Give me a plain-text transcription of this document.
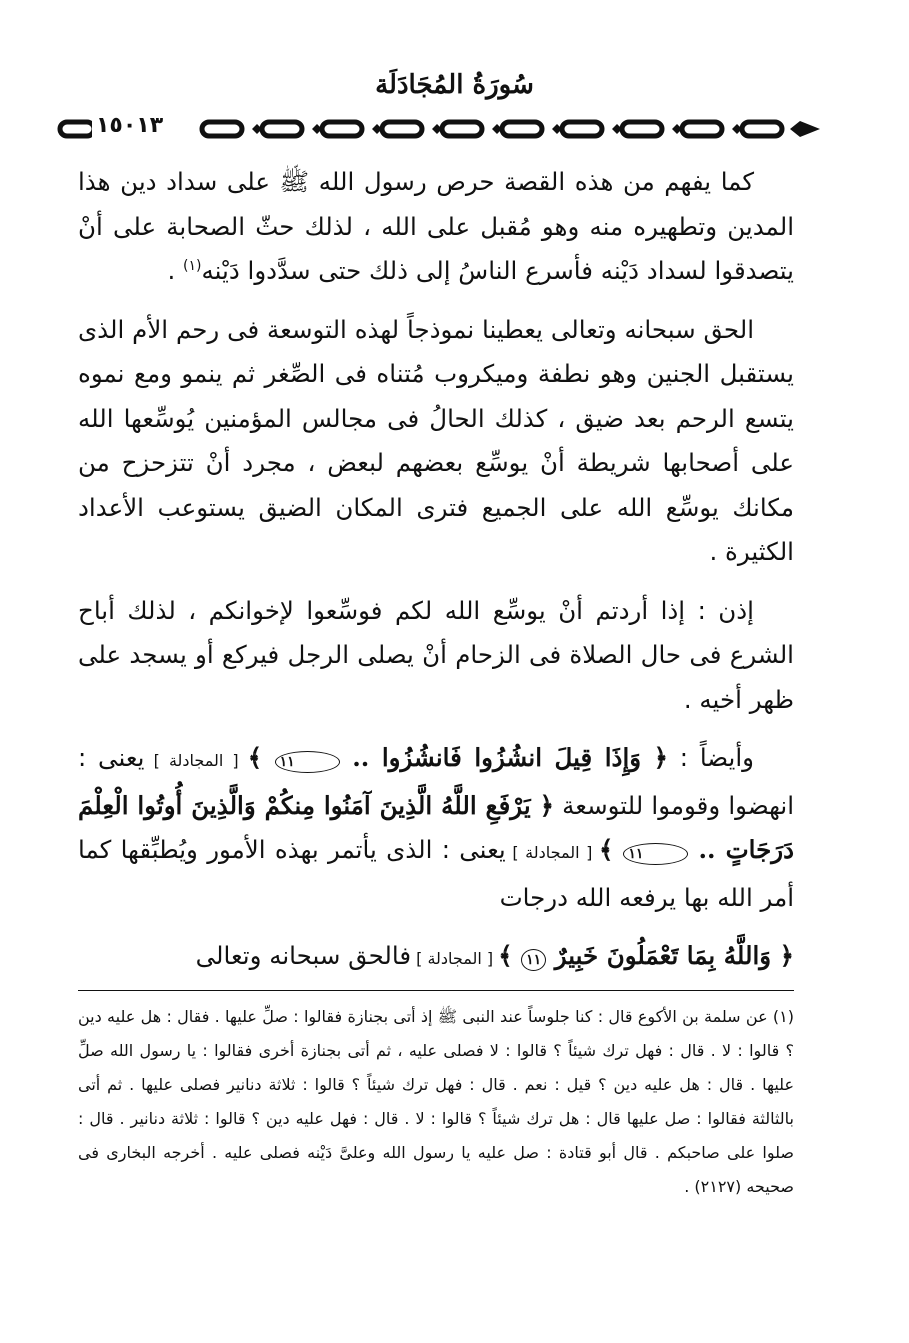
سُورَةُ المُجَادَلَة
١٥٠١٣

كما يفهم من هذه القصة حرص رسول الله ﷺ على سداد دين هذا المدين وتطهيره منه وهو مُقبل على الله ، لذلك حثّ الصحابة على أنْ يتصدقوا لسداد دَيْنه فأسرع الناسُ إلى ذلك حتى سدَّدوا دَيْنه$^{(١)}$ .

الحق سبحانه وتعالى يعطينا نموذجاً لهذه التوسعة فى رحم الأم الذى يستقبل الجنين وهو نطفة وميكروب مُتناه فى الصِّغر ثم ينمو ومع نموه يتسع الرحم بعد ضيق ، كذلك الحالُ فى مجالس المؤمنين يُوسِّعها الله على أصحابها شريطة أنْ يوسِّع بعضهم لبعض ، مجرد أنْ تتزحزح من مكانك يوسِّع الله على الجميع فترى المكان الضيق يستوعب الأعداد الكثيرة .

إذن : إذا أردتم أنْ يوسِّع الله لكم فوسِّعوا لإخوانكم ، لذلك أباح الشرع فى حال الصلاة فى الزحام أنْ يصلى الرجل فيركع أو يسجد على ظهر أخيه .

وأيضاً : ﴿ وَإِذَا قِيلَ انشُزُوا فَانشُزُوا .. ١١ ﴾ [ المجادلة ] يعنى : انهضوا وقوموا للتوسعة ﴿ يَرْفَعِ اللَّهُ الَّذِينَ آمَنُوا مِنكُمْ وَالَّذِينَ أُوتُوا الْعِلْمَ دَرَجَاتٍ .. ١١ ﴾ [ المجادلة ] يعنى : الذى يأتمر بهذه الأمور ويُطبِّقها كما أمر الله بها يرفعه الله درجات

﴿ وَاللَّهُ بِمَا تَعْمَلُونَ خَبِيرٌ ١١ ﴾ [ المجادلة ] فالحق سبحانه وتعالى

(١) عن سلمة بن الأكوع قال : كنا جلوساً عند النبى ﷺ إذ أتى بجنازة فقالوا : صلِّ عليها . فقال : هل عليه دين ؟ قالوا : لا . قال : فهل ترك شيئاً ؟ قالوا : لا فصلى عليه ، ثم أتى بجنازة أخرى فقالوا : يا رسول الله صلِّ عليها . قال : هل عليه دين ؟ قيل : نعم . قال : فهل ترك شيئاً ؟ قالوا : ثلاثة دنانير فصلى عليها . ثم أتى بالثالثة فقالوا : صل عليها قال : هل ترك شيئاً ؟ قالوا : لا . قال : فهل عليه دين ؟ قالوا : ثلاثة دنانير . قال : صلوا على صاحبكم . قال أبو قتادة : صل عليه يا رسول الله وعلىَّ دَيْنه فصلى عليه . أخرجه البخارى فى صحيحه (٢١٢٧) .
